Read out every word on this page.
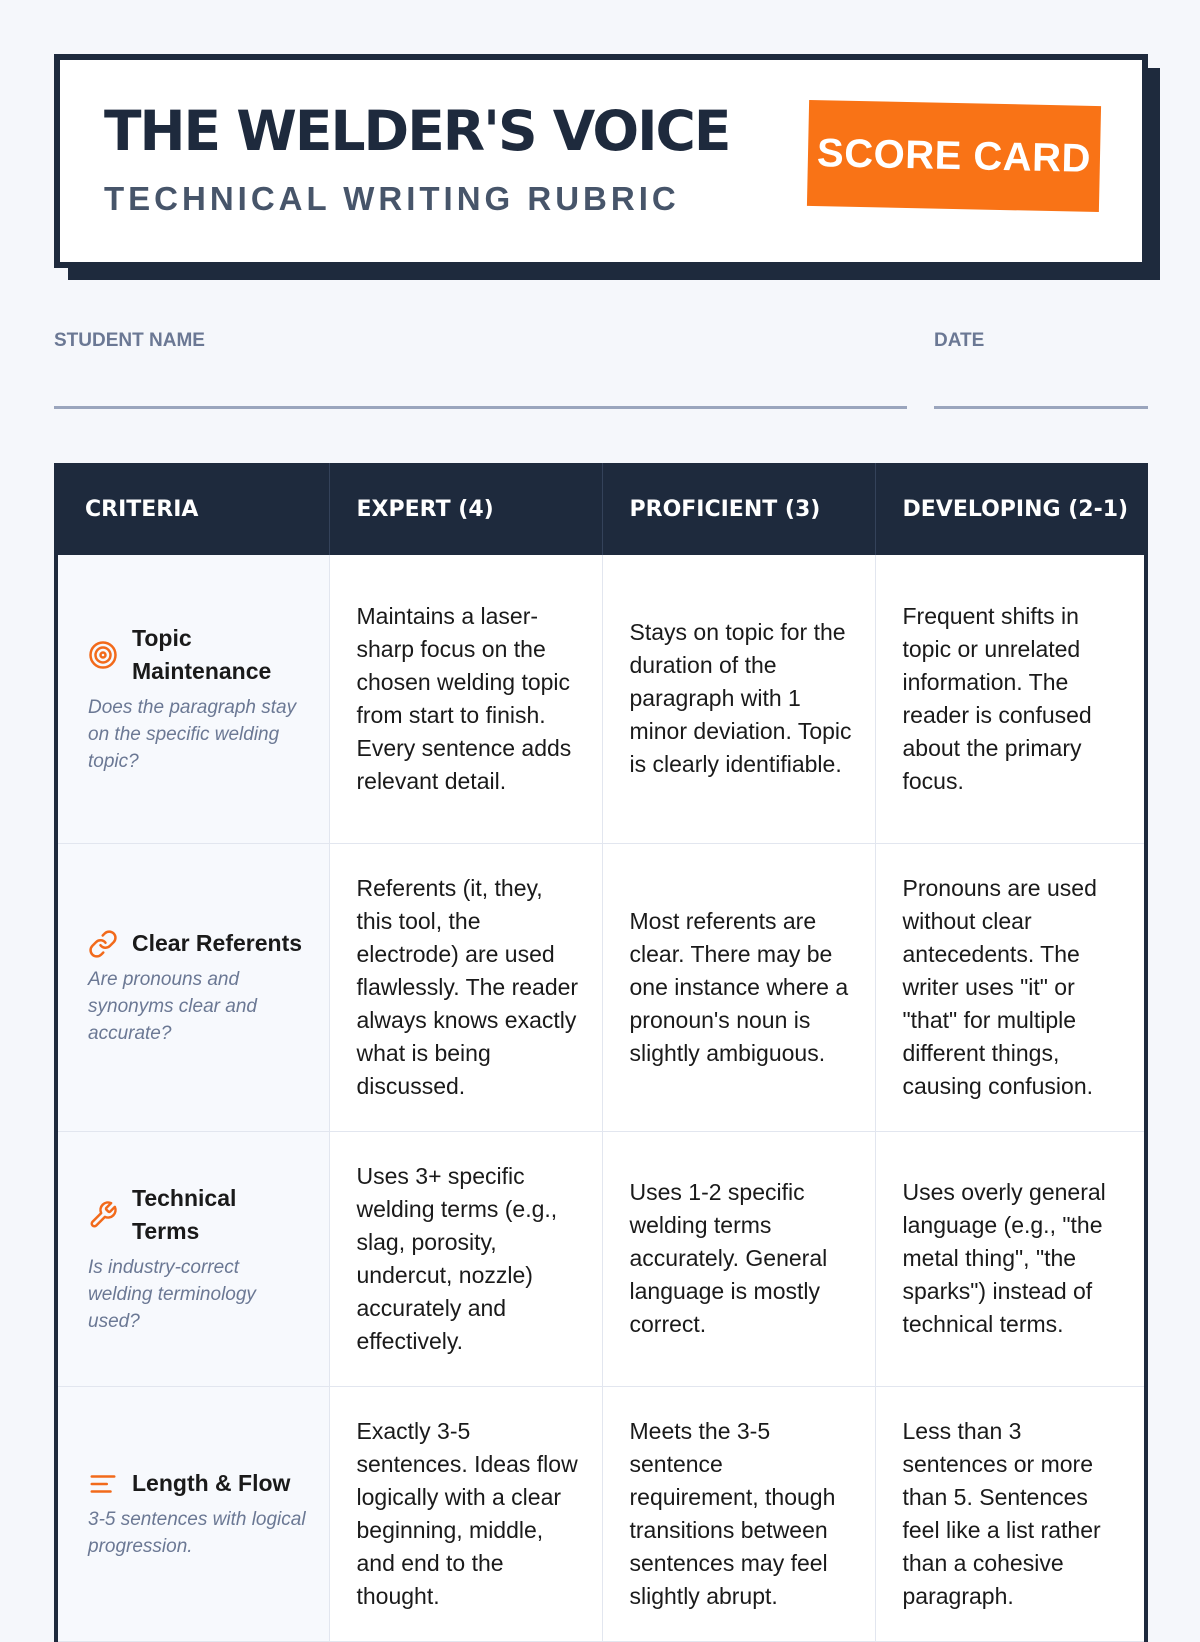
THE WELDER'S VOICE
TECHNICAL WRITING RUBRIC
SCORE CARD
STUDENT NAME	DATE
CRITERIA	EXPERT (4)	PROFICIENT (3)	DEVELOPING (2-1)

Topic Maintenance
Does the paragraph stay on the specific welding topic?	Maintains a laser-sharp focus on the chosen welding topic from start to finish. Every sentence adds relevant detail.	Stays on topic for the duration of the paragraph with 1 minor deviation. Topic is clearly identifiable.	Frequent shifts in topic or unrelated information. The reader is confused about the primary focus.

Clear Referents
Are pronouns and synonyms clear and accurate?	Referents (it, they, this tool, the electrode) are used flawlessly. The reader always knows exactly what is being discussed.	Most referents are clear. There may be one instance where a pronoun's noun is slightly ambiguous.	Pronouns are used without clear antecedents. The writer uses "it" or "that" for multiple different things, causing confusion.

Technical Terms
Is industry-correct welding terminology used?	Uses 3+ specific welding terms (e.g., slag, porosity, undercut, nozzle) accurately and effectively.	Uses 1-2 specific welding terms accurately. General language is mostly correct.	Uses overly general language (e.g., "the metal thing", "the sparks") instead of technical terms.

Length & Flow
3-5 sentences with logical progression.	Exactly 3-5 sentences. Ideas flow logically with a clear beginning, middle, and end to the thought.	Meets the 3-5 sentence requirement, though transitions between sentences may feel slightly abrupt.	Less than 3 sentences or more than 5. Sentences feel like a list rather than a cohesive paragraph.
